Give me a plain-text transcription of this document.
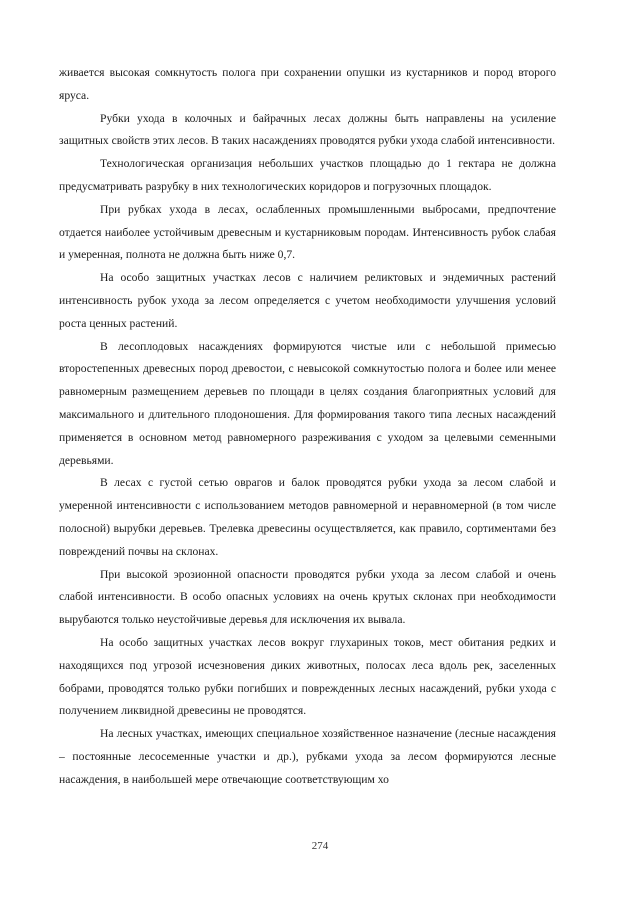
живается высокая сомкнутость полога при сохранении опушки из кустарников и пород второго яруса.

Рубки ухода в колочных и байрачных лесах должны быть направлены на усиление защитных свойств этих лесов. В таких насаждениях проводятся рубки ухода слабой интенсивности.

Технологическая организация небольших участков площадью до 1 гектара не должна предусматривать разрубку в них технологических коридоров и погрузочных площадок.

При рубках ухода в лесах, ослабленных промышленными выбросами, предпочтение отдается наиболее устойчивым древесным и кустарниковым породам. Интенсивность рубок слабая и умеренная, полнота не должна быть ниже 0,7.

На особо защитных участках лесов с наличием реликтовых и эндемичных растений интенсивность рубок ухода за лесом определяется с учетом необходимости улучшения условий роста ценных растений.

В лесоплодовых насаждениях формируются чистые или с небольшой примесью второстепенных древесных пород древостои, с невысокой сомкнутостью полога и более или менее равномерным размещением деревьев по площади в целях создания благоприятных условий для максимального и длительного плодоношения. Для формирования такого типа лесных насаждений применяется в основном метод равномерного разреживания с уходом за целевыми семенными деревьями.

В лесах с густой сетью оврагов и балок проводятся рубки ухода за лесом слабой и умеренной интенсивности с использованием методов равномерной и неравномерной (в том числе полосной) вырубки деревьев. Трелевка древесины осуществляется, как правило, сортиментами без повреждений почвы на склонах.

При высокой эрозионной опасности проводятся рубки ухода за лесом слабой и очень слабой интенсивности. В особо опасных условиях на очень крутых склонах при необходимости вырубаются только неустойчивые деревья для исключения их вывала.

На особо защитных участках лесов вокруг глухариных токов, мест обитания редких и находящихся под угрозой исчезновения диких животных, полосах леса вдоль рек, заселенных бобрами, проводятся только рубки погибших и поврежденных лесных насаждений, рубки ухода с получением ликвидной древесины не проводятся.

На лесных участках, имеющих специальное хозяйственное назначение (лесные насаждения – постоянные лесосеменные участки и др.), рубками ухода за лесом формируются лесные насаждения, в наибольшей мере отвечающие соответствующим хо

274
